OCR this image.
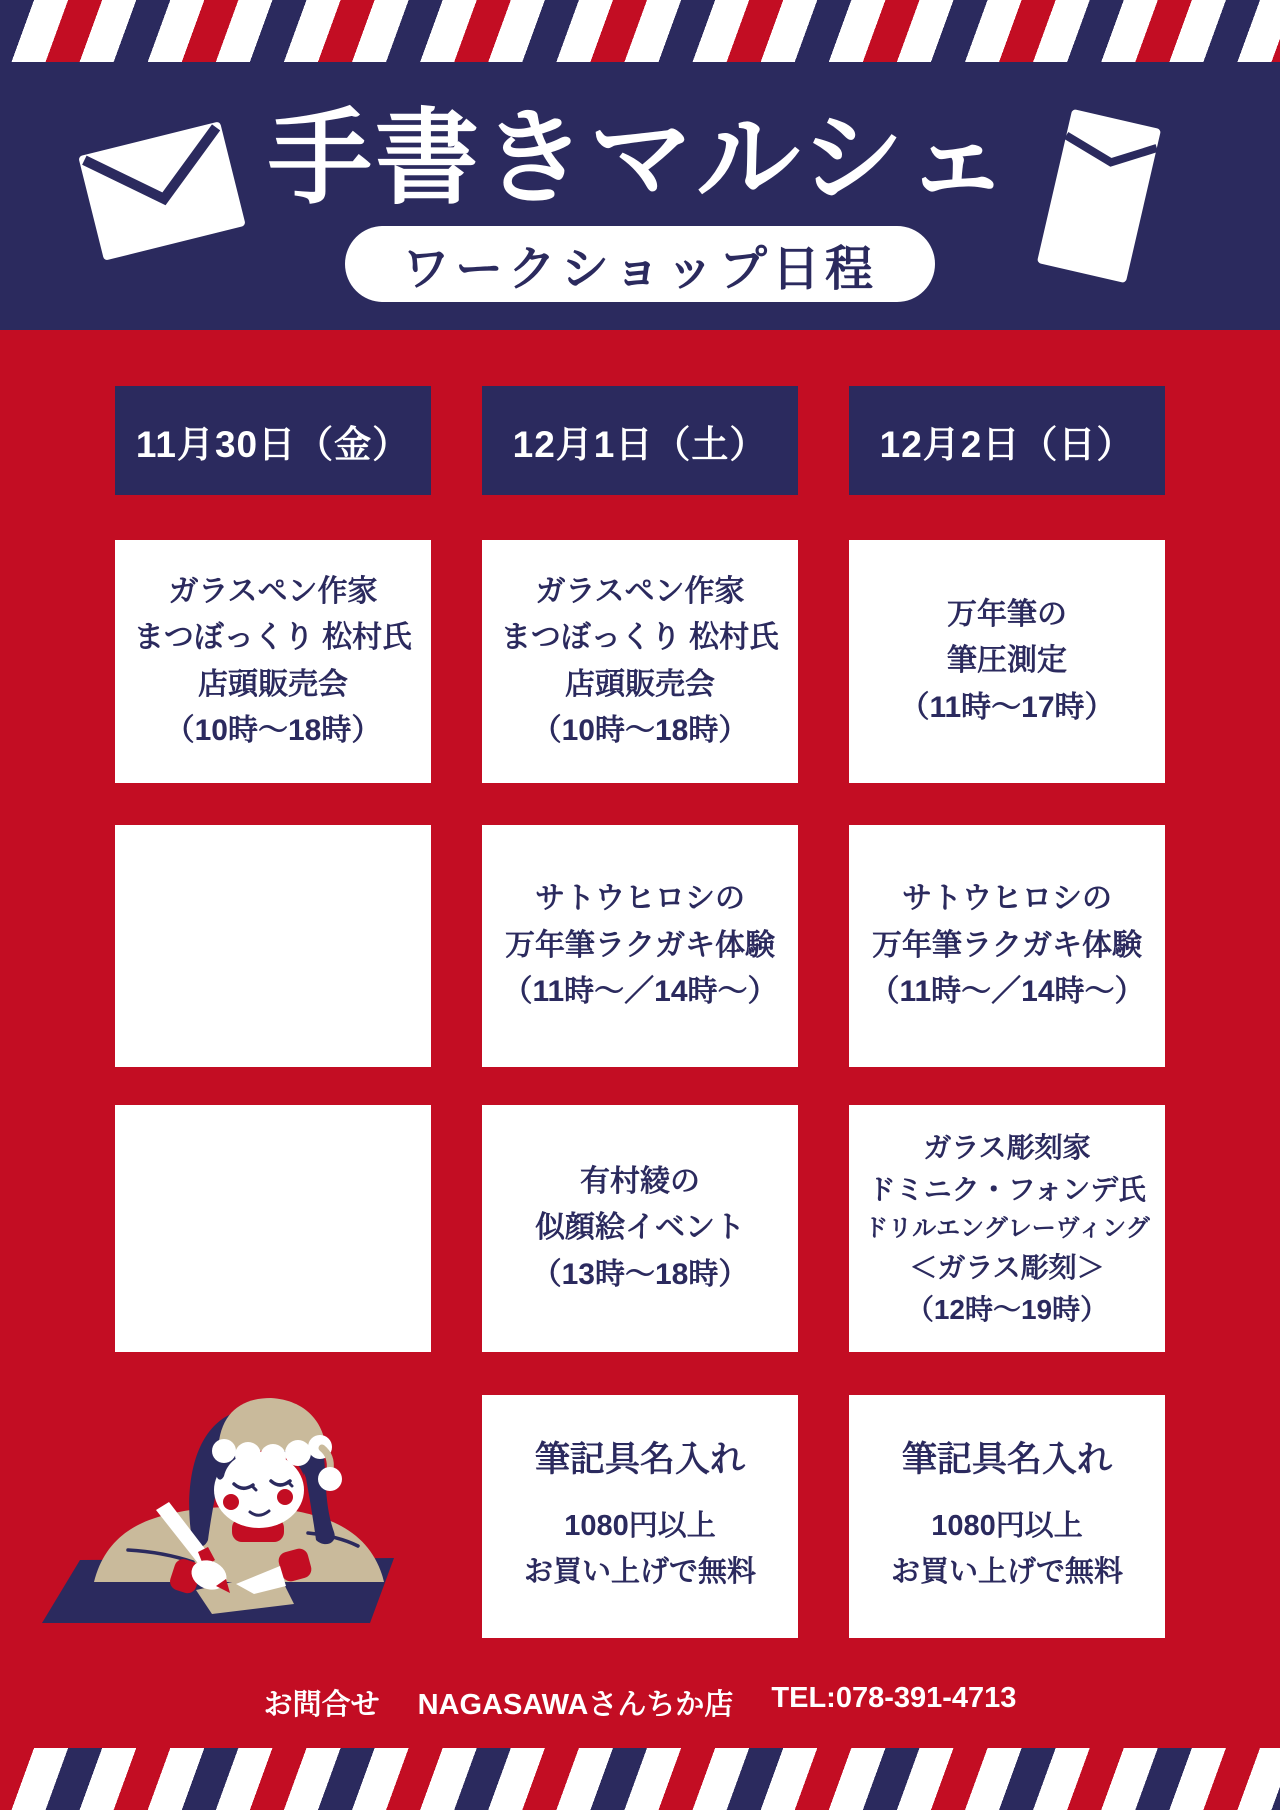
手書きマルシェ
ワークショップ日程
11月30日（金）	12月1日（土）	12月2日（日）
ガラスペン作家
まつぼっくり 松村氏
店頭販売会
（10時〜18時）
ガラスペン作家
まつぼっくり 松村氏
店頭販売会
（10時〜18時）
万年筆の
筆圧測定
（11時〜17時）
サトウヒロシの
万年筆ラクガキ体験
（11時〜／14時〜）
サトウヒロシの
万年筆ラクガキ体験
（11時〜／14時〜）
有村綾の
似顔絵イベント
（13時〜18時）
ガラス彫刻家
ドミニク・フォンデ氏
ドリルエングレーヴィング
＜ガラス彫刻＞
（12時〜19時）
筆記具名入れ
1080円以上
お買い上げで無料
筆記具名入れ
1080円以上
お買い上げで無料
お問合せ NAGASAWAさんちか店 TEL:078-391-4713
